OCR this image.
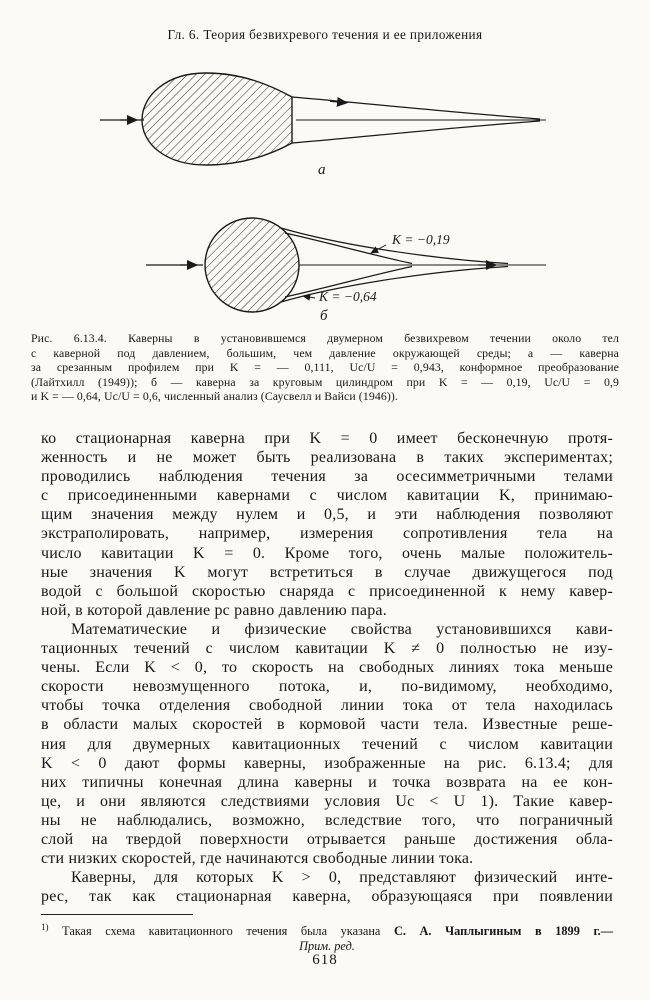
Гл. 6. Теория безвихревого течения и ее приложения
а
K = −0,19
K = −0,64
б
Рис. 6.13.4. Каверны в установившемся двумерном безвихревом течении около тел
с каверной под давлением, большим, чем давление окружающей среды; а — каверна
за срезанным профилем при K = — 0,111, Uc/U = 0,943, конформное преобразование
(Лайтхилл (1949)); б — каверна за круговым цилиндром при K = — 0,19, Uc/U = 0,9
и K = — 0,64, Uc/U = 0,6, численный анализ (Саусвелл и Вайси (1946)).
ко стационарная каверна при K = 0 имеет бесконечную протя-
женность и не может быть реализована в таких экспериментах;
проводились наблюдения течения за осесимметричными телами
с присоединенными кавернами с числом кавитации K, принимаю-
щим значения между нулем и 0,5, и эти наблюдения позволяют
экстраполировать, например, измерения сопротивления тела на
число кавитации K = 0. Кроме того, очень малые положитель-
ные значения K могут встретиться в случае движущегося под
водой с большой скоростью снаряда с присоединенной к нему кавер-
ной, в которой давление pc равно давлению пара.
Математические и физические свойства установившихся кави-
тационных течений с числом кавитации K ≠ 0 полностью не изу-
чены. Если K < 0, то скорость на свободных линиях тока меньше
скорости невозмущенного потока, и, по-видимому, необходимо,
чтобы точка отделения свободной линии тока от тела находилась
в области малых скоростей в кормовой части тела. Известные реше-
ния для двумерных кавитационных течений с числом кавитации
K < 0 дают формы каверны, изображенные на рис. 6.13.4; для
них типичны конечная длина каверны и точка возврата на ее кон-
це, и они являются следствиями условия Uc < U 1). Такие кавер-
ны не наблюдались, возможно, вследствие того, что пограничный
слой на твердой поверхности отрывается раньше достижения обла-
сти низких скоростей, где начинаются свободные линии тока.
Каверны, для которых K > 0, представляют физический инте-
рес, так как стационарная каверна, образующаяся при появлении
$^{1)}$ Такая схема кавитационного течения была указана С. А. Чаплыгиным в 1899 г.—
Прим. ред.
618
